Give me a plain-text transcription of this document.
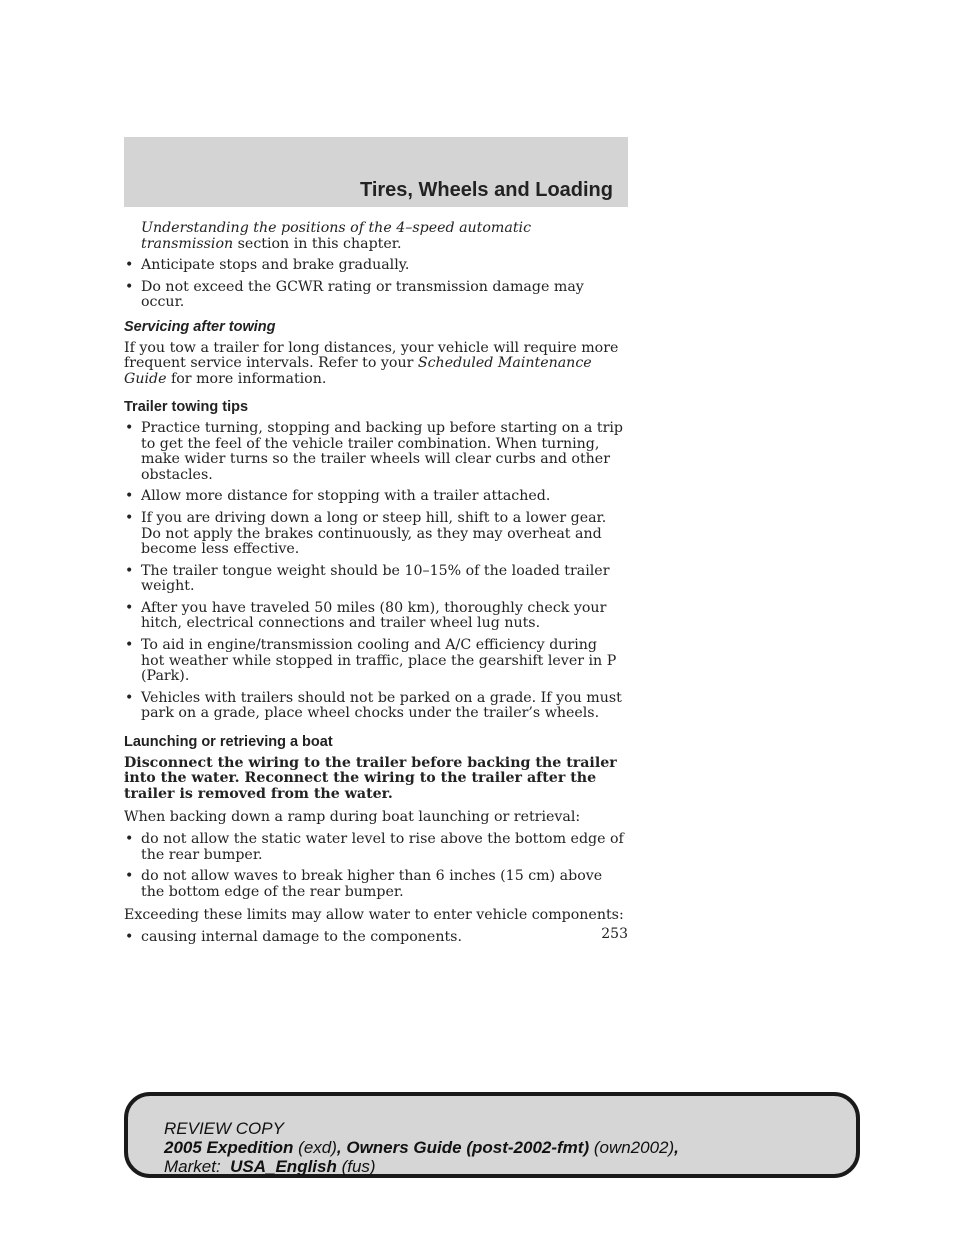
Tires, Wheels and Loading

Understanding the positions of the 4–speed automatic transmission section in this chapter.

• Anticipate stops and brake gradually.
• Do not exceed the GCWR rating or transmission damage may occur.

Servicing after towing

If you tow a trailer for long distances, your vehicle will require more frequent service intervals. Refer to your Scheduled Maintenance Guide for more information.

Trailer towing tips

• Practice turning, stopping and backing up before starting on a trip to get the feel of the vehicle trailer combination. When turning, make wider turns so the trailer wheels will clear curbs and other obstacles.
• Allow more distance for stopping with a trailer attached.
• If you are driving down a long or steep hill, shift to a lower gear. Do not apply the brakes continuously, as they may overheat and become less effective.
• The trailer tongue weight should be 10–15% of the loaded trailer weight.
• After you have traveled 50 miles (80 km), thoroughly check your hitch, electrical connections and trailer wheel lug nuts.
• To aid in engine/transmission cooling and A/C efficiency during hot weather while stopped in traffic, place the gearshift lever in P (Park).
• Vehicles with trailers should not be parked on a grade. If you must park on a grade, place wheel chocks under the trailer’s wheels.

Launching or retrieving a boat

Disconnect the wiring to the trailer before backing the trailer into the water. Reconnect the wiring to the trailer after the trailer is removed from the water.

When backing down a ramp during boat launching or retrieval:

• do not allow the static water level to rise above the bottom edge of the rear bumper.
• do not allow waves to break higher than 6 inches (15 cm) above the bottom edge of the rear bumper.

Exceeding these limits may allow water to enter vehicle components:

• causing internal damage to the components.	253
REVIEW COPY
2005 Expedition (exd), Owners Guide (post-2002-fmt) (own2002),
Market:  USA_English (fus)
